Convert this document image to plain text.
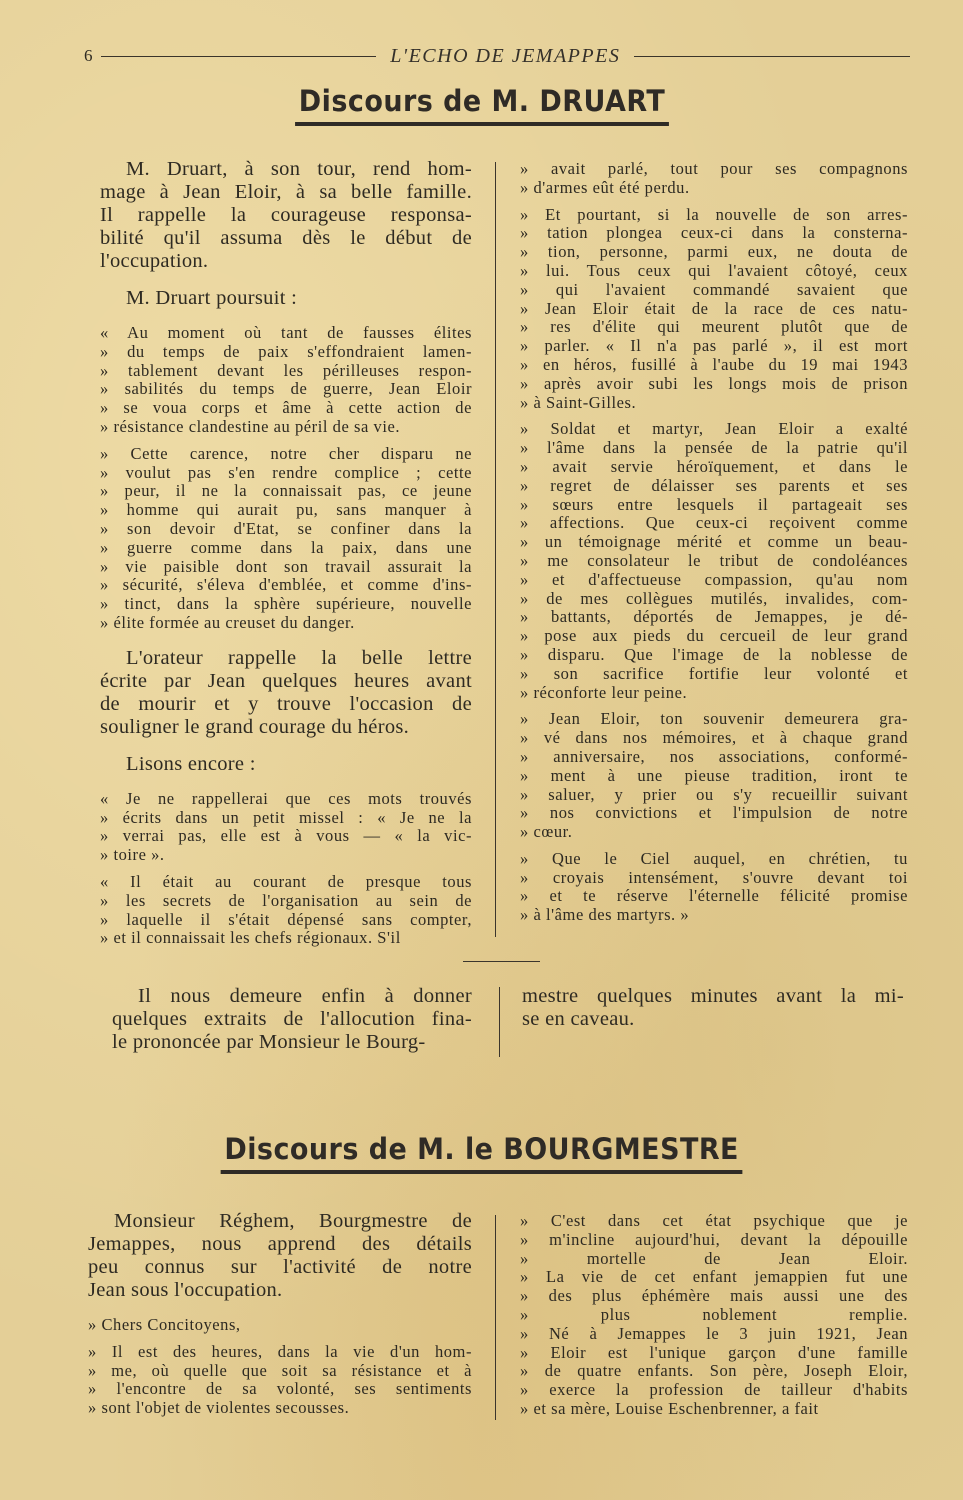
6	L'ECHO DE JEMAPPES
Discours de M. DRUART
M. Druart, à son tour, rend hom-
mage à Jean Eloir, à sa belle famille.
Il rappelle la courageuse responsa-
bilité qu'il assuma dès le début de
l'occupation.
M. Druart poursuit :
« Au moment où tant de fausses élites
» du temps de paix s'effondraient lamen-
» tablement devant les périlleuses respon-
» sabilités du temps de guerre, Jean Eloir
» se voua corps et âme à cette action de
» résistance clandestine au péril de sa vie.
» Cette carence, notre cher disparu ne
» voulut pas s'en rendre complice ; cette
» peur, il ne la connaissait pas, ce jeune
» homme qui aurait pu, sans manquer à
» son devoir d'Etat, se confiner dans la
» guerre comme dans la paix, dans une
» vie paisible dont son travail assurait la
» sécurité, s'éleva d'emblée, et comme d'ins-
» tinct, dans la sphère supérieure, nouvelle
» élite formée au creuset du danger.
L'orateur rappelle la belle lettre
écrite par Jean quelques heures avant
de mourir et y trouve l'occasion de
souligner le grand courage du héros.
Lisons encore :
« Je ne rappellerai que ces mots trouvés
» écrits dans un petit missel : « Je ne la
» verrai pas, elle est à vous — « la vic-
» toire ».
« Il était au courant de presque tous
» les secrets de l'organisation au sein de
» laquelle il s'était dépensé sans compter,
» et il connaissait les chefs régionaux. S'il
» avait parlé, tout pour ses compagnons
» d'armes eût été perdu.
» Et pourtant, si la nouvelle de son arres-
» tation plongea ceux-ci dans la consterna-
» tion, personne, parmi eux, ne douta de
» lui. Tous ceux qui l'avaient côtoyé, ceux
» qui l'avaient commandé savaient que
» Jean Eloir était de la race de ces natu-
» res d'élite qui meurent plutôt que de
» parler. « Il n'a pas parlé », il est mort
» en héros, fusillé à l'aube du 19 mai 1943
» après avoir subi les longs mois de prison
» à Saint-Gilles.
» Soldat et martyr, Jean Eloir a exalté
» l'âme dans la pensée de la patrie qu'il
» avait servie héroïquement, et dans le
» regret de délaisser ses parents et ses
» sœurs entre lesquels il partageait ses
» affections. Que ceux-ci reçoivent comme
» un témoignage mérité et comme un beau-
» me consolateur le tribut de condoléances
» et d'affectueuse compassion, qu'au nom
» de mes collègues mutilés, invalides, com-
» battants, déportés de Jemappes, je dé-
» pose aux pieds du cercueil de leur grand
» disparu. Que l'image de la noblesse de
» son sacrifice fortifie leur volonté et
» réconforte leur peine.
» Jean Eloir, ton souvenir demeurera gra-
» vé dans nos mémoires, et à chaque grand
» anniversaire, nos associations, conformé-
» ment à une pieuse tradition, iront te
» saluer, y prier ou s'y recueillir suivant
» nos convictions et l'impulsion de notre
» cœur.
» Que le Ciel auquel, en chrétien, tu
» croyais intensément, s'ouvre devant toi
» et te réserve l'éternelle félicité promise
» à l'âme des martyrs. »
Il nous demeure enfin à donner
quelques extraits de l'allocution fina-
le prononcée par Monsieur le Bourg-
mestre quelques minutes avant la mi-
se en caveau.
Discours de M. le BOURGMESTRE
Monsieur Réghem, Bourgmestre de
Jemappes, nous apprend des détails
peu connus sur l'activité de notre
Jean sous l'occupation.
» Chers Concitoyens,
» Il est des heures, dans la vie d'un hom-
» me, où quelle que soit sa résistance et à
» l'encontre de sa volonté, ses sentiments
» sont l'objet de violentes secousses.
» C'est dans cet état psychique que je
» m'incline aujourd'hui, devant la dépouille
» mortelle de Jean Eloir.
» La vie de cet enfant jemappien fut une
» des plus éphémère mais aussi une des
» plus noblement remplie.
» Né à Jemappes le 3 juin 1921, Jean
» Eloir est l'unique garçon d'une famille
» de quatre enfants. Son père, Joseph Eloir,
» exerce la profession de tailleur d'habits
» et sa mère, Louise Eschenbrenner, a fait
